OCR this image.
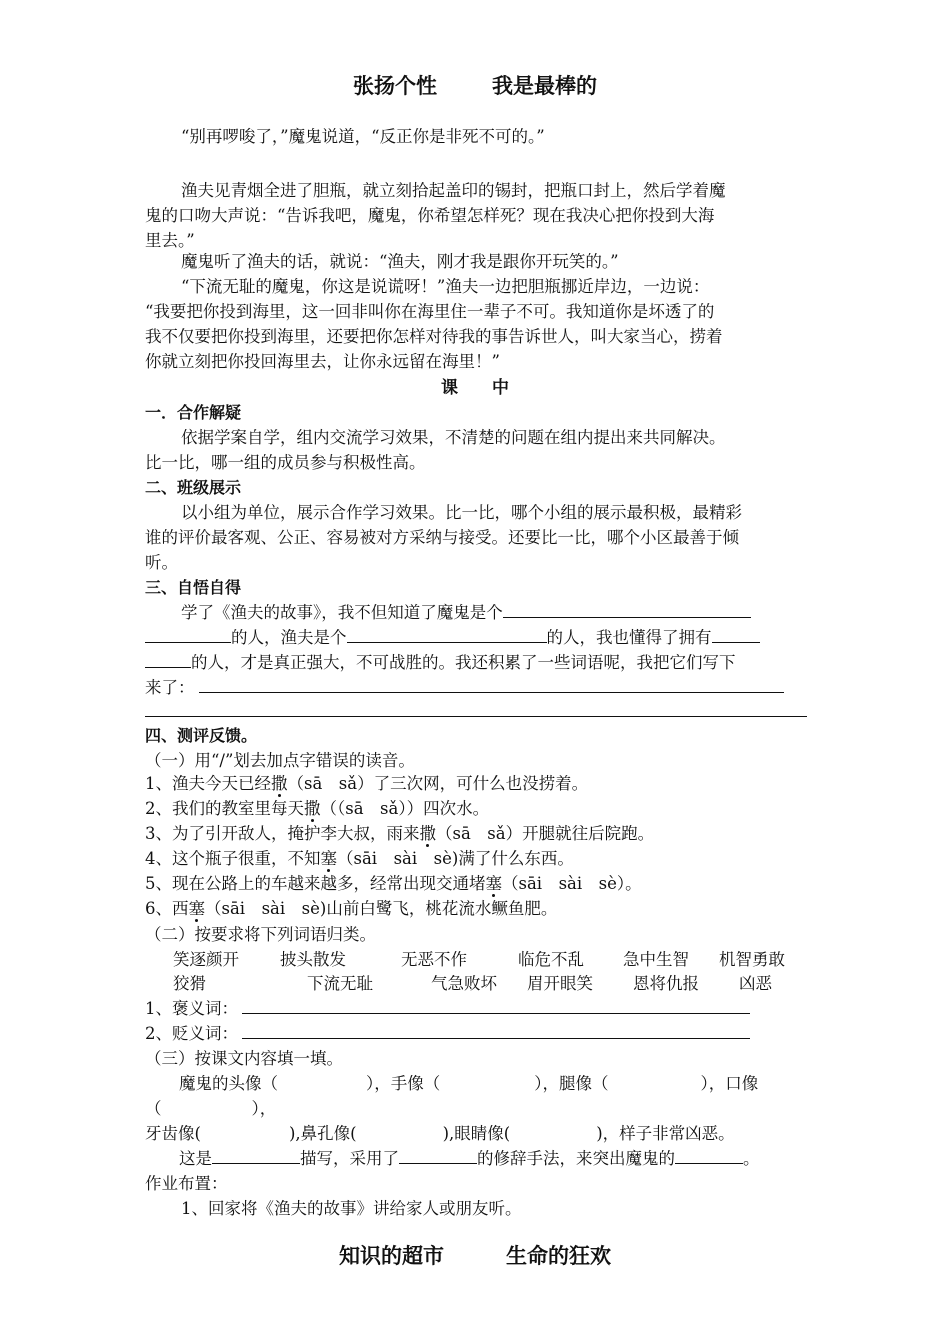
张扬个性	我是最棒的
“别再啰唆了，”魔鬼说道，“反正你是非死不可的。”
渔夫见青烟全进了胆瓶，就立刻拾起盖印的锡封，把瓶口封上，然后学着魔
鬼的口吻大声说：“告诉我吧，魔鬼，你希望怎样死？现在我决心把你投到大海
里去。”
魔鬼听了渔夫的话，就说：“渔夫，刚才我是跟你开玩笑的。”
“下流无耻的魔鬼，你这是说谎呀！”渔夫一边把胆瓶挪近岸边，一边说：
“我要把你投到海里，这一回非叫你在海里住一辈子不可。我知道你是坏透了的
我不仅要把你投到海里，还要把你怎样对待我的事告诉世人，叫大家当心，捞着
你就立刻把你投回海里去，让你永远留在海里！”
课　　中
一．合作解疑
依据学案自学，组内交流学习效果，不清楚的问题在组内提出来共同解决。
比一比，哪一组的成员参与积极性高。
二、班级展示
以小组为单位，展示合作学习效果。比一比，哪个小组的展示最积极，最精彩
谁的评价最客观、公正、容易被对方采纳与接受。还要比一比，哪个小区最善于倾
听。
三、自悟自得
学了《渔夫的故事》，我不但知道了魔鬼是个
的人，渔夫是个	的人，我也懂得了拥有
的人，才是真正强大，不可战胜的。我还积累了一些词语呢，我把它们写下
来了：
四、测评反馈。
（一）用“/”划去加点字错误的读音。
1、渔夫今天已经撒（sā　sǎ）了三次网，可什么也没捞着。
2、我们的教室里每天撒（（sā　sǎ））四次水。
3、为了引开敌人，掩护李大叔，雨来撒（sā　sǎ）开腿就往后院跑。
4、这个瓶子很重，不知塞（sāi　sài　sè)满了什么东西。
5、现在公路上的车越来越多，经常出现交通堵塞（sāi　sài　sè）。
6、西塞（sāi　sài　sè)山前白鹭飞，桃花流水鳜鱼肥。
（二）按要求将下列词语归类。
笑逐颜开 披头散发	无恶不作	临危不乱 急中生智 机智勇敢
狡猾	下流无耻	气急败坏 眉开眼笑 恩将仇报 凶恶
1、褒义词：
2、贬义词：
（三）按课文内容填一填。
魔鬼的头像（	），手像（	），腿像（	），口像
（	），
牙齿像(	),鼻孔像(	),眼睛像(	)，样子非常凶恶。
这是	描写，采用了	的修辞手法，来突出魔鬼的	。
作业布置：
1、回家将《渔夫的故事》讲给家人或朋友听。
知识的超市	生命的狂欢
